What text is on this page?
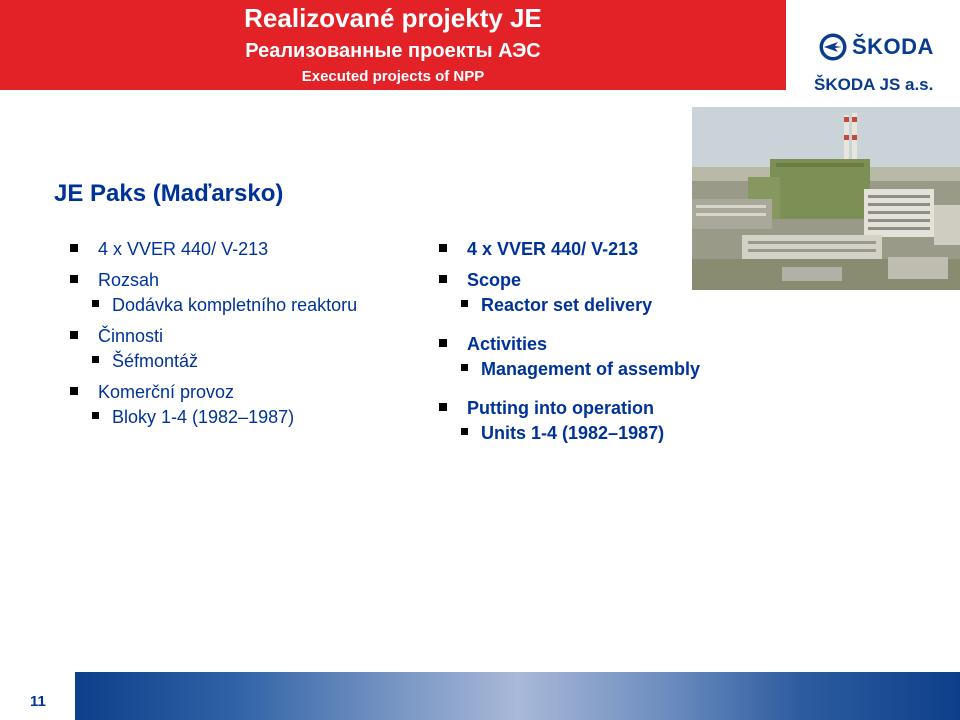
Realizované projekty JE
Реализованные проекты АЭС
Executed projects of NPP
ŠKODA
ŠKODA JS a.s.
JE Paks (Maďarsko)
4 x VVER 440/ V-213
Rozsah
Dodávka kompletního reaktoru
Činnosti
Šéfmontáž
Komerční provoz
Bloky 1-4 (1982–1987)
4 x VVER 440/ V-213
Scope
Reactor set delivery
Activities
Management of assembly
Putting into operation
Units 1-4 (1982–1987)
11
